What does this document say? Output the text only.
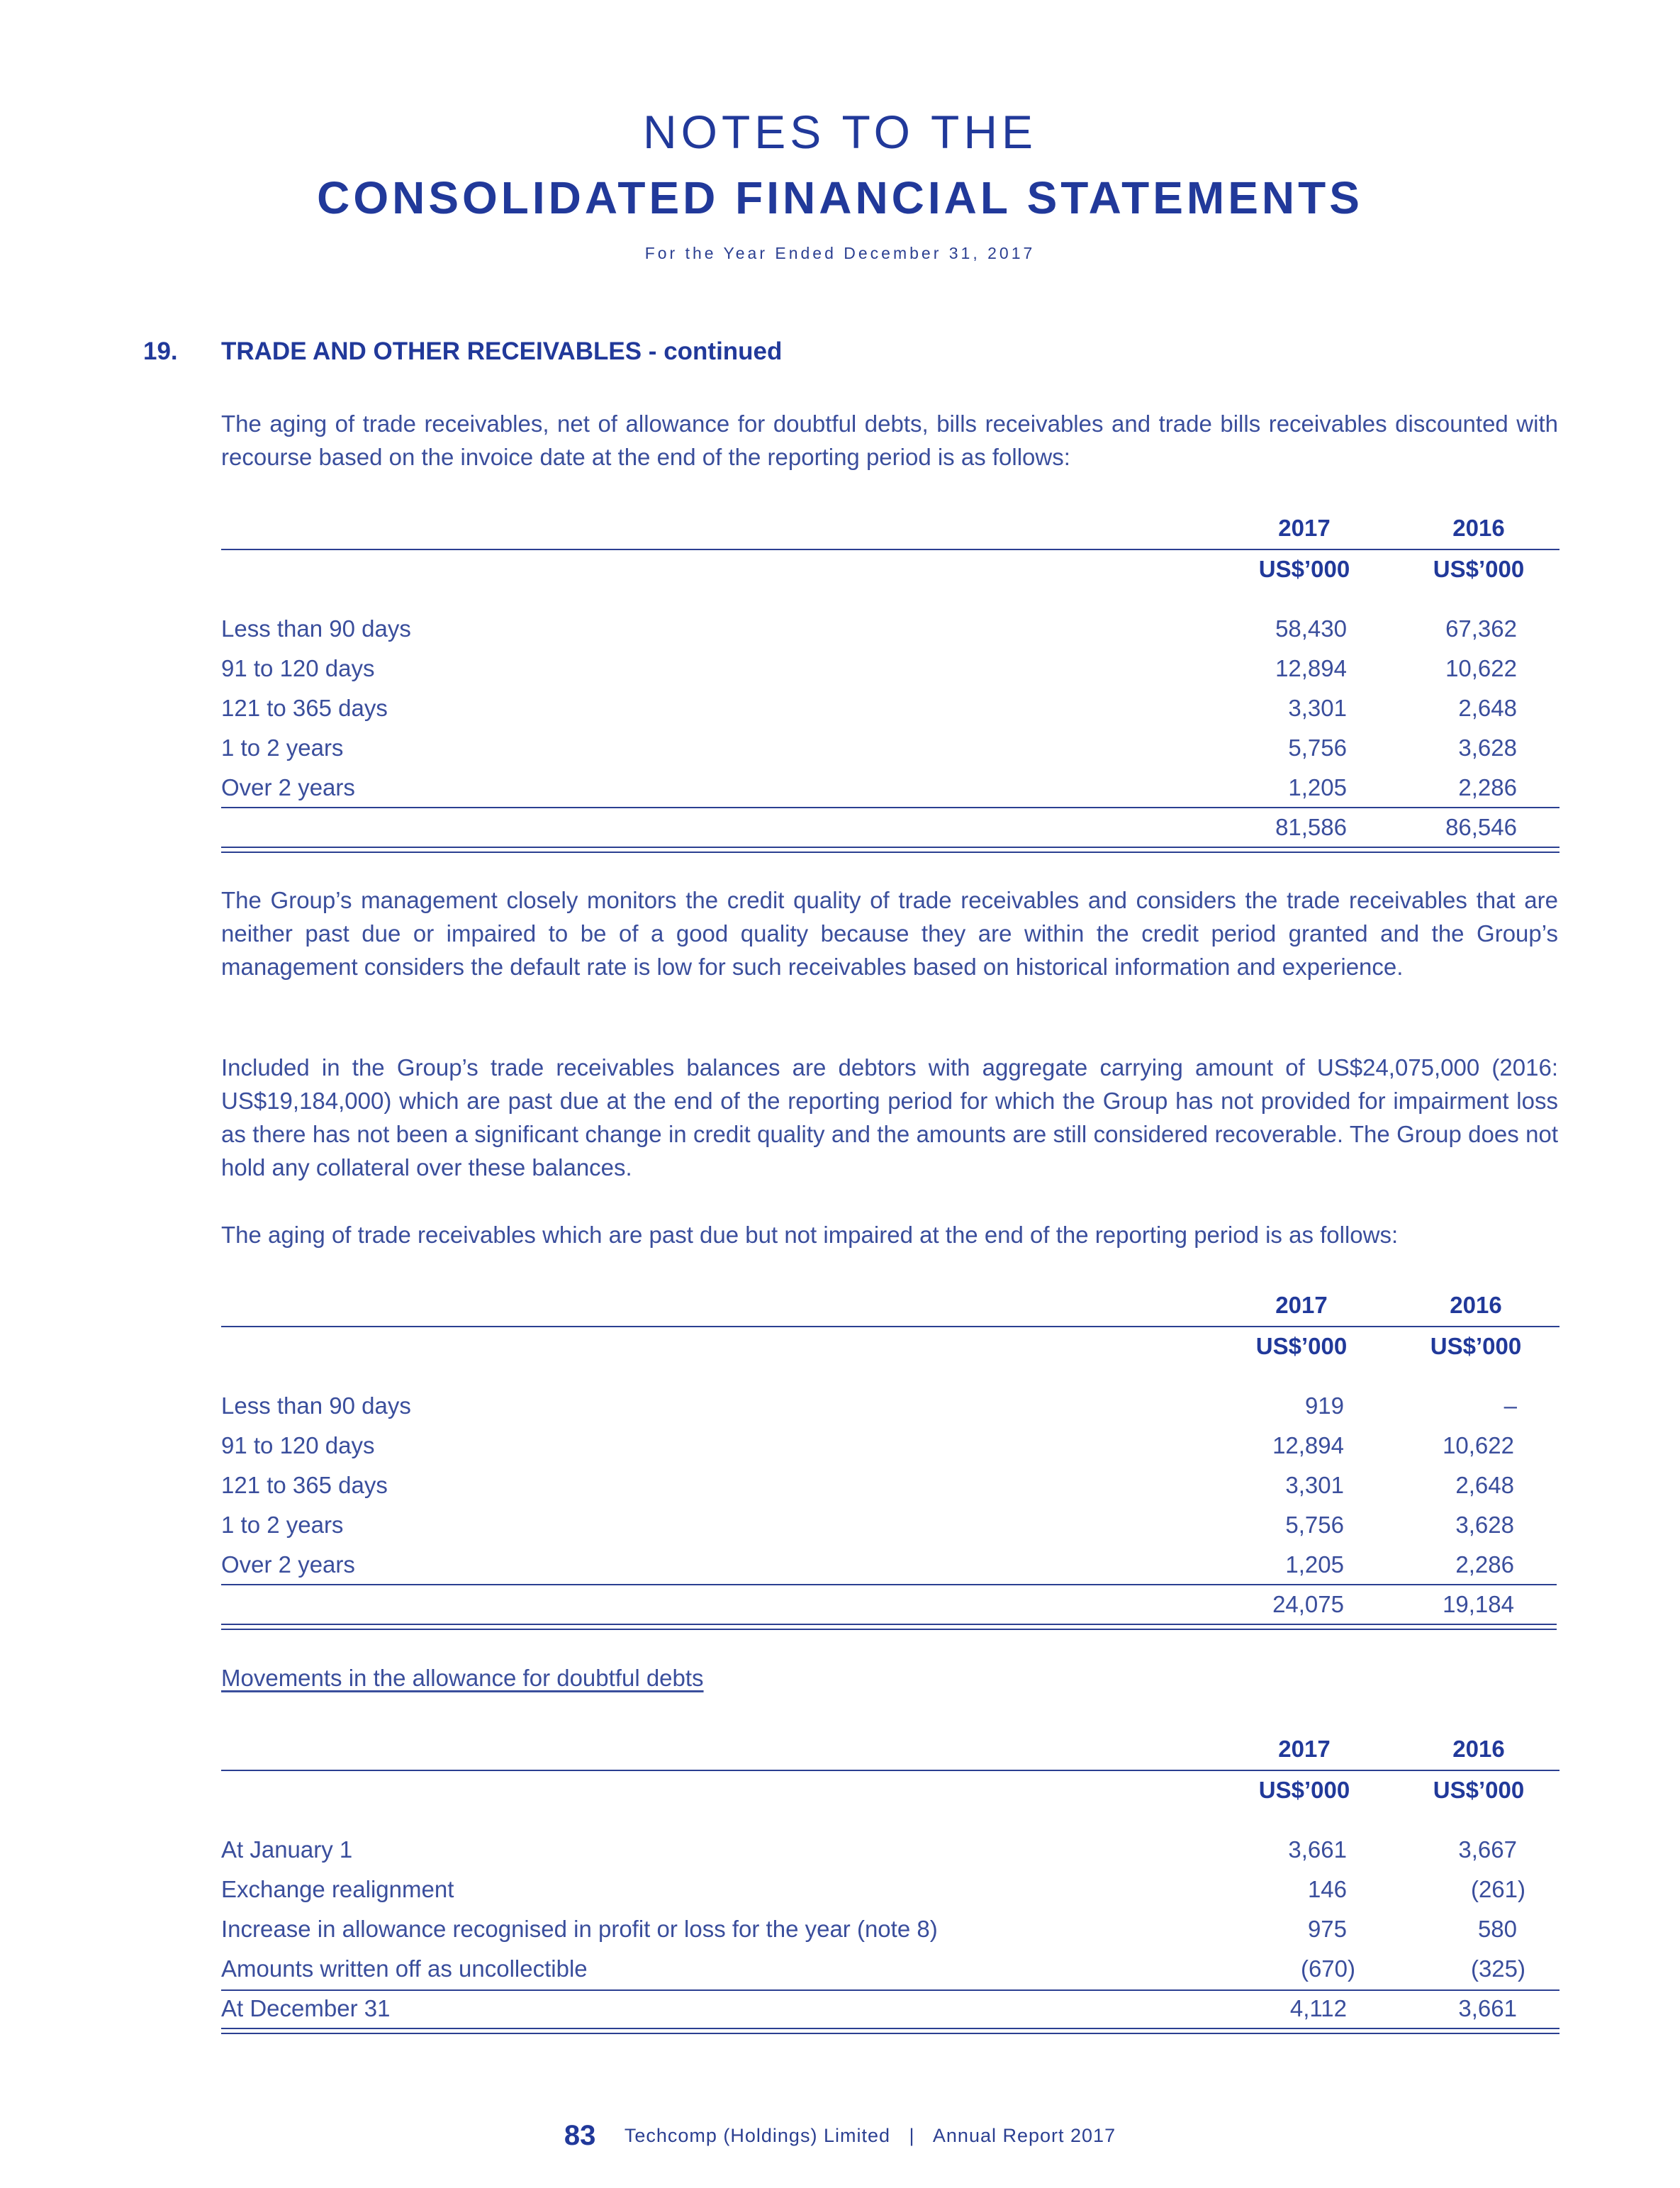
NOTES TO THE
CONSOLIDATED FINANCIAL STATEMENTS
For the Year Ended December 31, 2017
19. TRADE AND OTHER RECEIVABLES - continued
The aging of trade receivables, net of allowance for doubtful debts, bills receivables and trade bills receivables discounted with recourse based on the invoice date at the end of the reporting period is as follows:
2017	2016
US$’000	US$’000
Less than 90 days	58,430	67,362
91 to 120 days	12,894	10,622
121 to 365 days	3,301	2,648
1 to 2 years	5,756	3,628
Over 2 years	1,205	2,286
81,586	86,546
The Group’s management closely monitors the credit quality of trade receivables and considers the trade receivables that are neither past due or impaired to be of a good quality because they are within the credit period granted and the Group’s management considers the default rate is low for such receivables based on historical information and experience.
Included in the Group’s trade receivables balances are debtors with aggregate carrying amount of US$24,075,000 (2016: US$19,184,000) which are past due at the end of the reporting period for which the Group has not provided for impairment loss as there has not been a significant change in credit quality and the amounts are still considered recoverable. The Group does not hold any collateral over these balances.
The aging of trade receivables which are past due but not impaired at the end of the reporting period is as follows:
2017	2016
US$’000	US$’000
Less than 90 days	919	–
91 to 120 days	12,894	10,622
121 to 365 days	3,301	2,648
1 to 2 years	5,756	3,628
Over 2 years	1,205	2,286
24,075	19,184
Movements in the allowance for doubtful debts
2017	2016
US$’000	US$’000
At January 1	3,661	3,667
Exchange realignment	146	(261)
Increase in allowance recognised in profit or loss for the year (note 8)	975	580
Amounts written off as uncollectible	(670)	(325)
At December 31	4,112	3,661
83 Techcomp (Holdings) Limited | Annual Report 2017
